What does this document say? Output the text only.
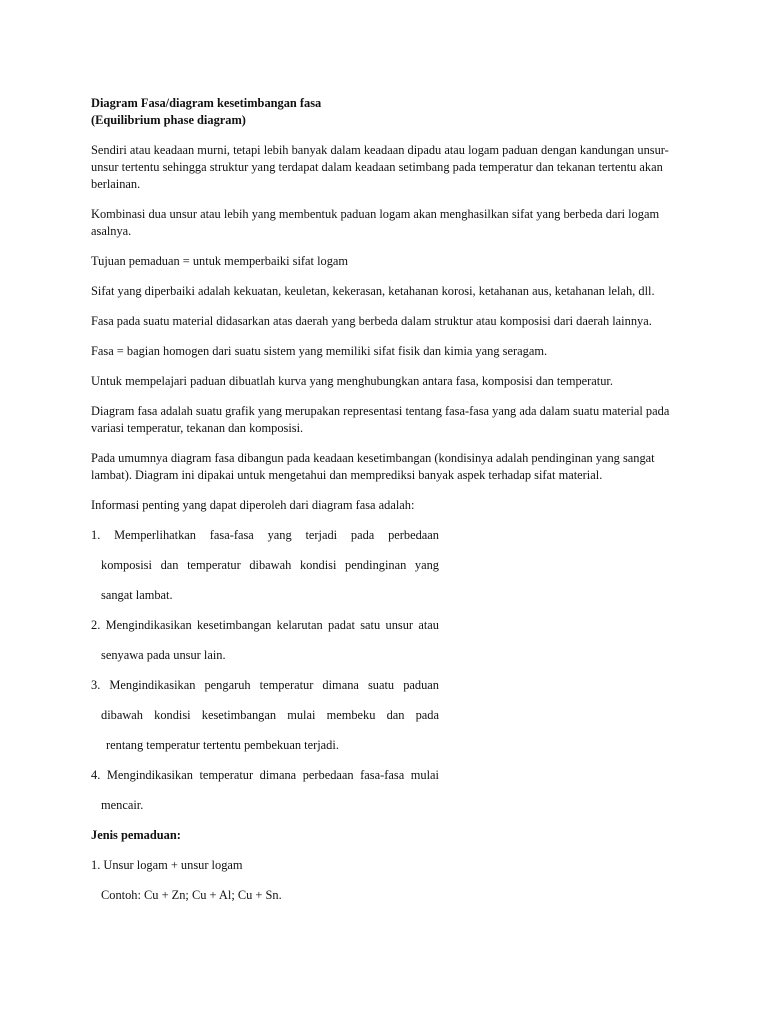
Diagram Fasa/diagram kesetimbangan fasa
(Equilibrium phase diagram)

Sendiri atau keadaan murni, tetapi lebih banyak dalam keadaan dipadu atau logam paduan dengan kandungan unsur-unsur tertentu sehingga struktur yang terdapat dalam keadaan setimbang pada temperatur dan tekanan tertentu akan berlainan.

Kombinasi dua unsur atau lebih yang membentuk paduan logam akan menghasilkan sifat yang berbeda dari logam asalnya.

Tujuan pemaduan = untuk memperbaiki sifat logam

Sifat yang diperbaiki adalah kekuatan, keuletan, kekerasan, ketahanan korosi, ketahanan aus, ketahanan lelah, dll.

Fasa pada suatu material didasarkan atas daerah yang berbeda dalam struktur atau komposisi dari daerah lainnya.

Fasa = bagian homogen dari suatu sistem yang memiliki sifat fisik dan kimia yang seragam.

Untuk mempelajari paduan dibuatlah kurva yang menghubungkan antara fasa, komposisi dan temperatur.

Diagram fasa adalah suatu grafik yang merupakan representasi tentang fasa-fasa yang ada dalam suatu material pada variasi temperatur, tekanan dan komposisi.

Pada umumnya diagram fasa dibangun pada keadaan kesetimbangan (kondisinya adalah pendinginan yang sangat lambat). Diagram ini dipakai untuk mengetahui dan memprediksi banyak aspek terhadap sifat material.

Informasi penting yang dapat diperoleh dari diagram fasa adalah:

1. Memperlihatkan fasa-fasa yang terjadi pada perbedaan
komposisi dan temperatur dibawah kondisi pendinginan yang
sangat lambat.
2. Mengindikasikan kesetimbangan kelarutan padat satu unsur atau
senyawa pada unsur lain.
3. Mengindikasikan pengaruh temperatur dimana suatu paduan
dibawah kondisi kesetimbangan mulai membeku dan pada
rentang temperatur tertentu pembekuan terjadi.
4. Mengindikasikan temperatur dimana perbedaan fasa-fasa mulai
mencair.
Jenis pemaduan:
1. Unsur logam + unsur logam
Contoh: Cu + Zn; Cu + Al; Cu + Sn.
